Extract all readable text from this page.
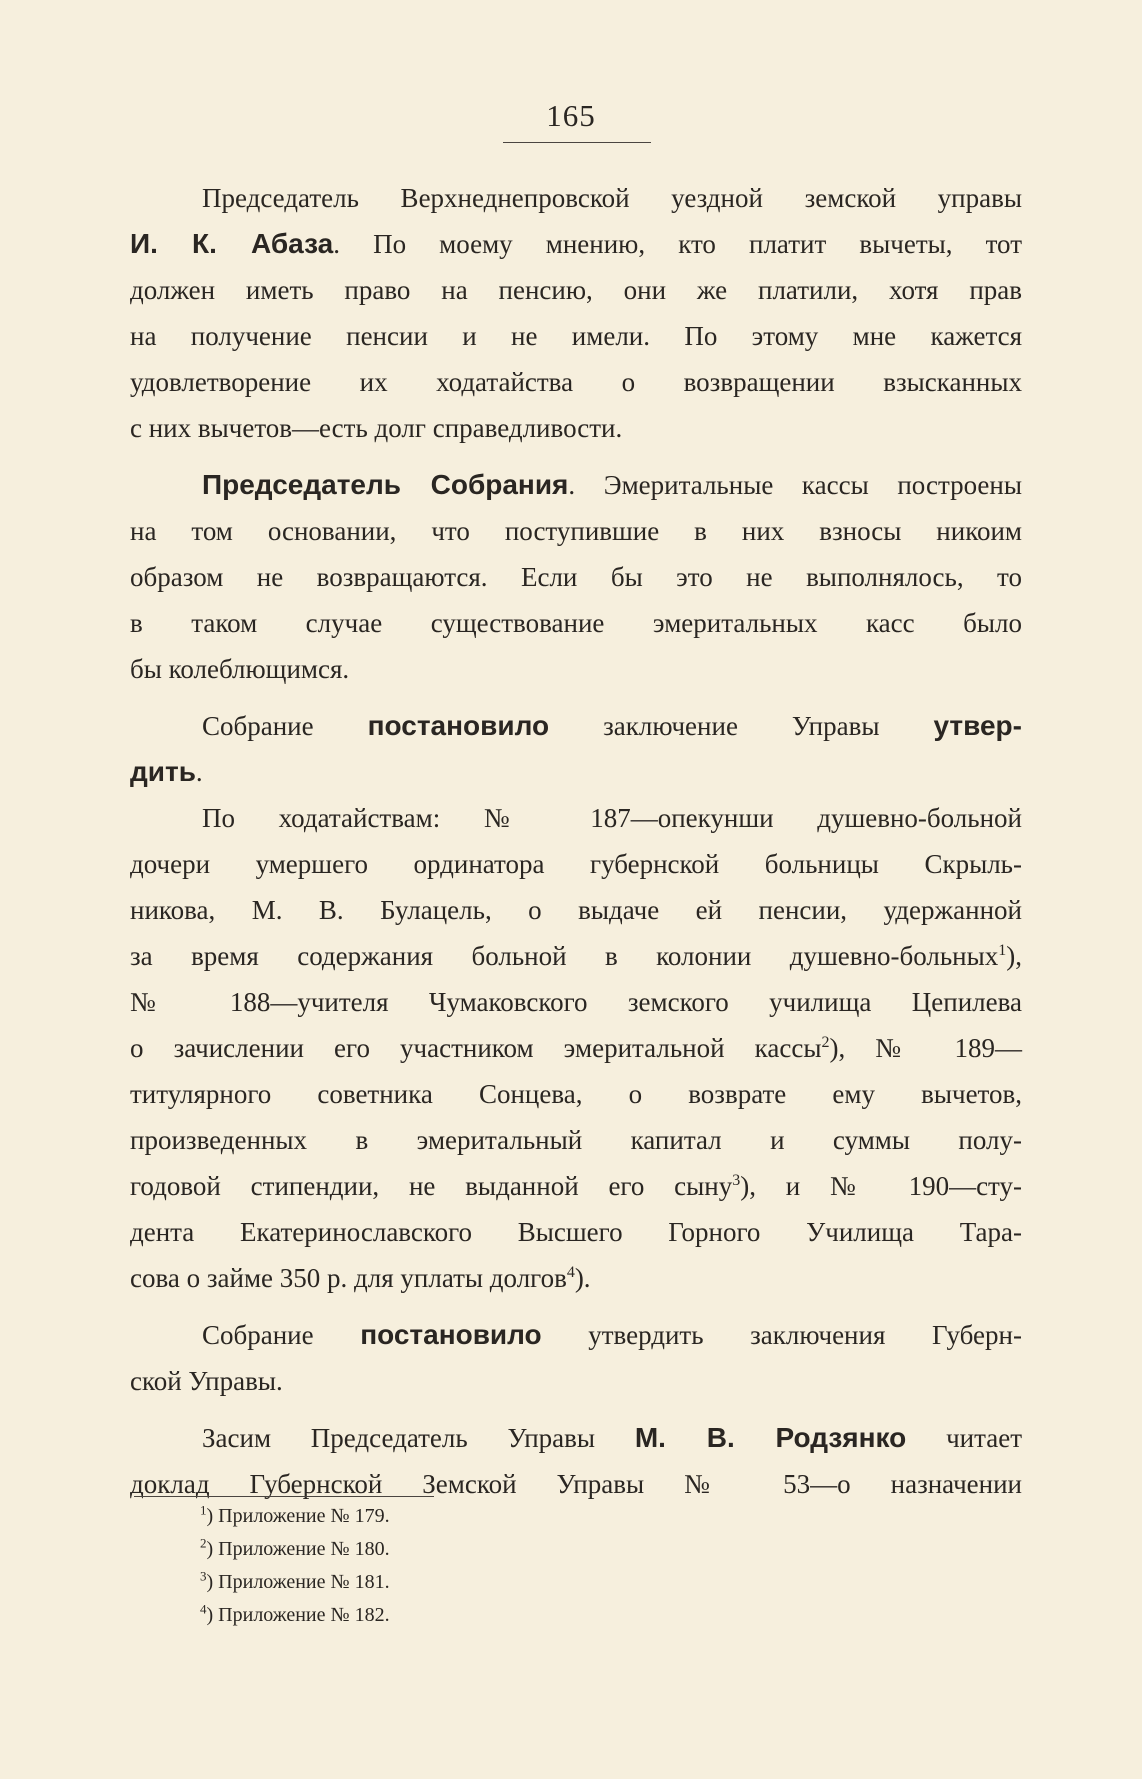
165

Председатель Верхнеднепровской уездной земской управы

И. К. Абаза. По моему мнению, кто платит вычеты, тот

должен иметь право на пенсию, они же платили, хотя прав

на получение пенсии и не имели. По этому мне кажется

удовлетворение их ходатайства о возвращении взысканных

с них вычетов—есть долг справедливости.

Председатель Собрания. Эмеритальные кассы построены

на том основании, что поступившие в них взносы никоим

образом не возвращаются. Если бы это не выполнялось, то

в таком случае существование эмеритальных касс было

бы колеблющимся.

Собрание постановило заключение Управы утвер-

дить.

По ходатайствам: № 187—опекунши душевно-больной

дочери умершего ординатора губернской больницы Скрыль-

никова, М. В. Булацель, о выдаче ей пенсии, удержанной

за время содержания больной в колонии душевно-больных$^1$),

№ 188—учителя Чумаковского земского училища Цепилева

о зачислении его участником эмеритальной кассы$^2$), № 189—

титулярного советника Сонцева, о возврате ему вычетов,

произведенных в эмеритальный капитал и суммы полу-

годовой стипендии, не выданной его сыну$^3$), и № 190—сту-

дента Екатеринославского Высшего Горного Училища Тара-

сова о займе 350 р. для уплаты долгов$^4$).

Собрание постановило утвердить заключения Губерн-

ской Управы.

Засим Председатель Управы М. В. Родзянко читает

доклад Губернской Земской Управы № 53—о назначении

$^1$) Приложение № 179.

$^2$) Приложение № 180.

$^3$) Приложение № 181.

$^4$) Приложение № 182.
